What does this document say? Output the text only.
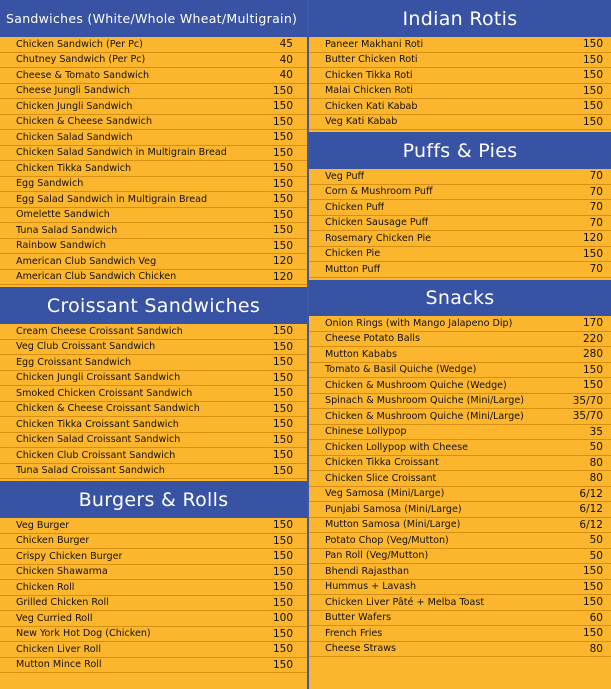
Sandwiches (White/Whole Wheat/Multigrain)
Chicken Sandwich (Per Pc)	45
Chutney Sandwich (Per Pc)	40
Cheese & Tomato Sandwich	40
Cheese Jungli Sandwich	150
Chicken Jungli Sandwich	150
Chicken & Cheese Sandwich	150
Chicken Salad Sandwich	150
Chicken Salad Sandwich in Multigrain Bread	150
Chicken Tikka Sandwich	150
Egg Sandwich	150
Egg Salad Sandwich in Multigrain Bread	150
Omelette Sandwich	150
Tuna Salad Sandwich	150
Rainbow Sandwich	150
American Club Sandwich Veg	120
American Club Sandwich Chicken	120
Croissant Sandwiches
Cream Cheese Croissant Sandwich	150
Veg Club Croissant Sandwich	150
Egg Croissant Sandwich	150
Chicken Jungli Croissant Sandwich	150
Smoked Chicken Croissant Sandwich	150
Chicken & Cheese Croissant Sandwich	150
Chicken Tikka Croissant Sandwich	150
Chicken Salad Croissant Sandwich	150
Chicken Club Croissant Sandwich	150
Tuna Salad Croissant Sandwich	150
Burgers & Rolls
Veg Burger	150
Chicken Burger	150
Crispy Chicken Burger	150
Chicken Shawarma	150
Chicken Roll	150
Grilled Chicken Roll	150
Veg Curried Roll	100
New York Hot Dog (Chicken)	150
Chicken Liver Roll	150
Mutton Mince Roll	150
Indian Rotis
Paneer Makhani Roti	150
Butter Chicken Roti	150
Chicken Tikka Roti	150
Malai Chicken Roti	150
Chicken Kati Kabab	150
Veg Kati Kabab	150
Puffs & Pies
Veg Puff	70
Corn & Mushroom Puff	70
Chicken Puff	70
Chicken Sausage Puff	70
Rosemary Chicken Pie	120
Chicken Pie	150
Mutton Puff	70
Snacks
Onion Rings (with Mango Jalapeno Dip)	170
Cheese Potato Balls	220
Mutton Kababs	280
Tomato & Basil Quiche (Wedge)	150
Chicken & Mushroom Quiche (Wedge)	150
Spinach & Mushroom Quiche (Mini/Large)	35/70
Chicken & Mushroom Quiche (Mini/Large)	35/70
Chinese Lollypop	35
Chicken Lollypop with Cheese	50
Chicken Tikka Croissant	80
Chicken Slice Croissant	80
Veg Samosa (Mini/Large)	6/12
Punjabi Samosa (Mini/Large)	6/12
Mutton Samosa (Mini/Large)	6/12
Potato Chop (Veg/Mutton)	50
Pan Roll (Veg/Mutton)	50
Bhendi Rajasthan	150
Hummus + Lavash	150
Chicken Liver Pâté + Melba Toast	150
Butter Wafers	60
French Fries	150
Cheese Straws	80
